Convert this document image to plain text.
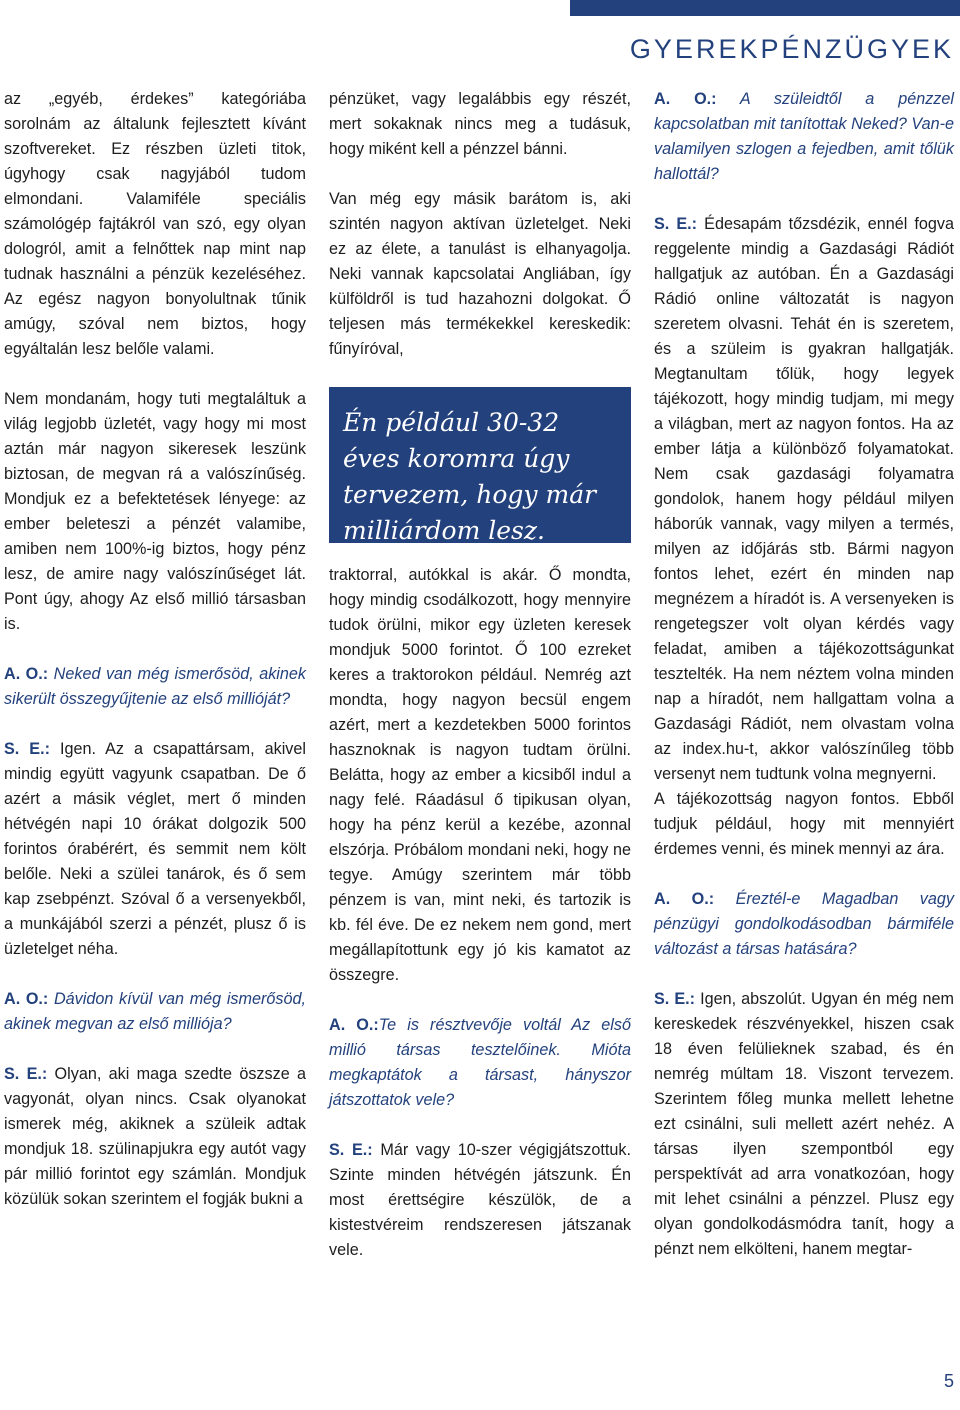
GYEREKPÉNZÜGYEK

az „egyéb, érdekes” kategóriába sorolnám az általunk fejlesztett kívánt szoftvereket. Ez részben üzleti titok, úgyhogy csak nagyjából tudom elmondani. Valamiféle speciális számológép fajtákról van szó, egy olyan dologról, amit a felnőttek nap mint nap tudnak használni a pénzük kezeléséhez. Az egész nagyon bonyolultnak tűnik amúgy, szóval nem biztos, hogy egyáltalán lesz belőle valami.

Nem mondanám, hogy tuti megtaláltuk a világ legjobb üzletét, vagy hogy mi most aztán már nagyon sikeresek leszünk biztosan, de megvan rá a valószínűség. Mondjuk ez a befektetések lényege: az ember beleteszi a pénzét valamibe, amiben nem 100%-ig biztos, hogy pénz lesz, de amire nagy valószínűséget lát. Pont úgy, ahogy Az első millió társasban is.

A. O.: Neked van még ismerősöd, akinek sikerült összegyűjtenie az első millióját?

S. E.: Igen. Az a csapattársam, akivel mindig együtt vagyunk csapatban. De ő azért a másik véglet, mert ő minden hétvégén napi 10 órákat dolgozik 500 forintos órabérért, és semmit nem költ belőle. Neki a szülei tanárok, és ő sem kap zsebpénzt. Szóval ő a versenyekből, a munkájából szerzi a pénzét, plusz ő is üzletelget néha.

A. O.: Dávidon kívül van még ismerősöd, akinek megvan az első milliója?

S. E.: Olyan, aki maga szedte öszsze a vagyonát, olyan nincs. Csak olyanokat ismerek még, akiknek a szüleik adtak mondjuk 18. szülinapjukra egy autót vagy pár millió forintot egy számlán. Mondjuk közülük sokan szerintem el fogják bukni a

pénzüket, vagy legalábbis egy részét, mert sokaknak nincs meg a tudásuk, hogy miként kell a pénzzel bánni.

Van még egy másik barátom is, aki szintén nagyon aktívan üzletelget. Neki ez az élete, a tanulást is elhanyagolja. Neki vannak kapcsolatai Angliában, így külföldről is tud hazahozni dolgokat. Ő teljesen más termékekkel kereskedik: fűnyíróval,

Én például 30-32 éves koromra úgy tervezem, hogy már milliárdom lesz.

traktorral, autókkal is akár. Ő mondta, hogy mindig csodálkozott, hogy mennyire tudok örülni, mikor egy üzleten keresek mondjuk 5000 forintot. Ő 100 ezreket keres a traktorokon például. Nemrég azt mondta, hogy nagyon becsül engem azért, mert a kezdetekben 5000 forintos hasznoknak is nagyon tudtam örülni. Belátta, hogy az ember a kicsiből indul a nagy felé. Ráadásul ő tipikusan olyan, hogy ha pénz kerül a kezébe, azonnal elszórja. Próbálom mondani neki, hogy ne tegye. Amúgy szerintem már több pénzem is van, mint neki, és tartozik is kb. fél éve. De ez nekem nem gond, mert megállapítottunk egy jó kis kamatot az összegre.

A. O.:Te is résztvevője voltál Az első millió társas tesztelőinek. Mióta megkaptátok a társast, hányszor játszottatok vele?

S. E.: Már vagy 10-szer végigjátszottuk. Szinte minden hétvégén játszunk. Én most érettségire készülök, de a kistestvéreim rendszeresen játszanak vele.

A. O.: A szüleidtől a pénzzel kapcsolatban mit tanítottak Neked? Van-e valamilyen szlogen a fejedben, amit tőlük hallottál?

S. E.: Édesapám tőzsdézik, ennél fogva reggelente mindig a Gazdasági Rádiót hallgatjuk az autóban. Én a Gazdasági Rádió online változatát is nagyon szeretem olvasni. Tehát én is szeretem, és a szüleim is gyakran hallgatják. Megtanultam tőlük, hogy legyek tájékozott, hogy mindig tudjam, mi megy a világban, mert az nagyon fontos. Ha az ember látja a különböző folyamatokat. Nem csak gazdasági folyamatra gondolok, hanem hogy például milyen háborúk vannak, vagy milyen a termés, milyen az időjárás stb. Bármi nagyon fontos lehet, ezért én minden nap megnézem a híradót is. A versenyeken is rengetegszer volt olyan kérdés vagy feladat, amiben a tájékozottságunkat tesztelték. Ha nem néztem volna minden nap a híradót, nem hallgattam volna a Gazdasági Rádiót, nem olvastam volna az index.hu-t, akkor valószínűleg több versenyt nem tudtunk volna megnyerni.

A tájékozottság nagyon fontos. Ebből tudjuk például, hogy mit mennyiért érdemes venni, és minek mennyi az ára.

A. O.: Éreztél-e Magadban vagy pénzügyi gondolkodásodban bármiféle változást a társas hatására?

S. E.: Igen, abszolút. Ugyan én még nem kereskedek részvényekkel, hiszen csak 18 éven felülieknek szabad, és én nemrég múltam 18. Viszont tervezem. Szerintem főleg munka mellett lehetne ezt csinálni, suli mellett azért nehéz. A társas ilyen szempontból egy perspektívát ad arra vonatkozóan, hogy mit lehet csinálni a pénzzel. Plusz egy olyan gondolkodásmódra tanít, hogy a pénzt nem elkölteni, hanem megtar-

5
